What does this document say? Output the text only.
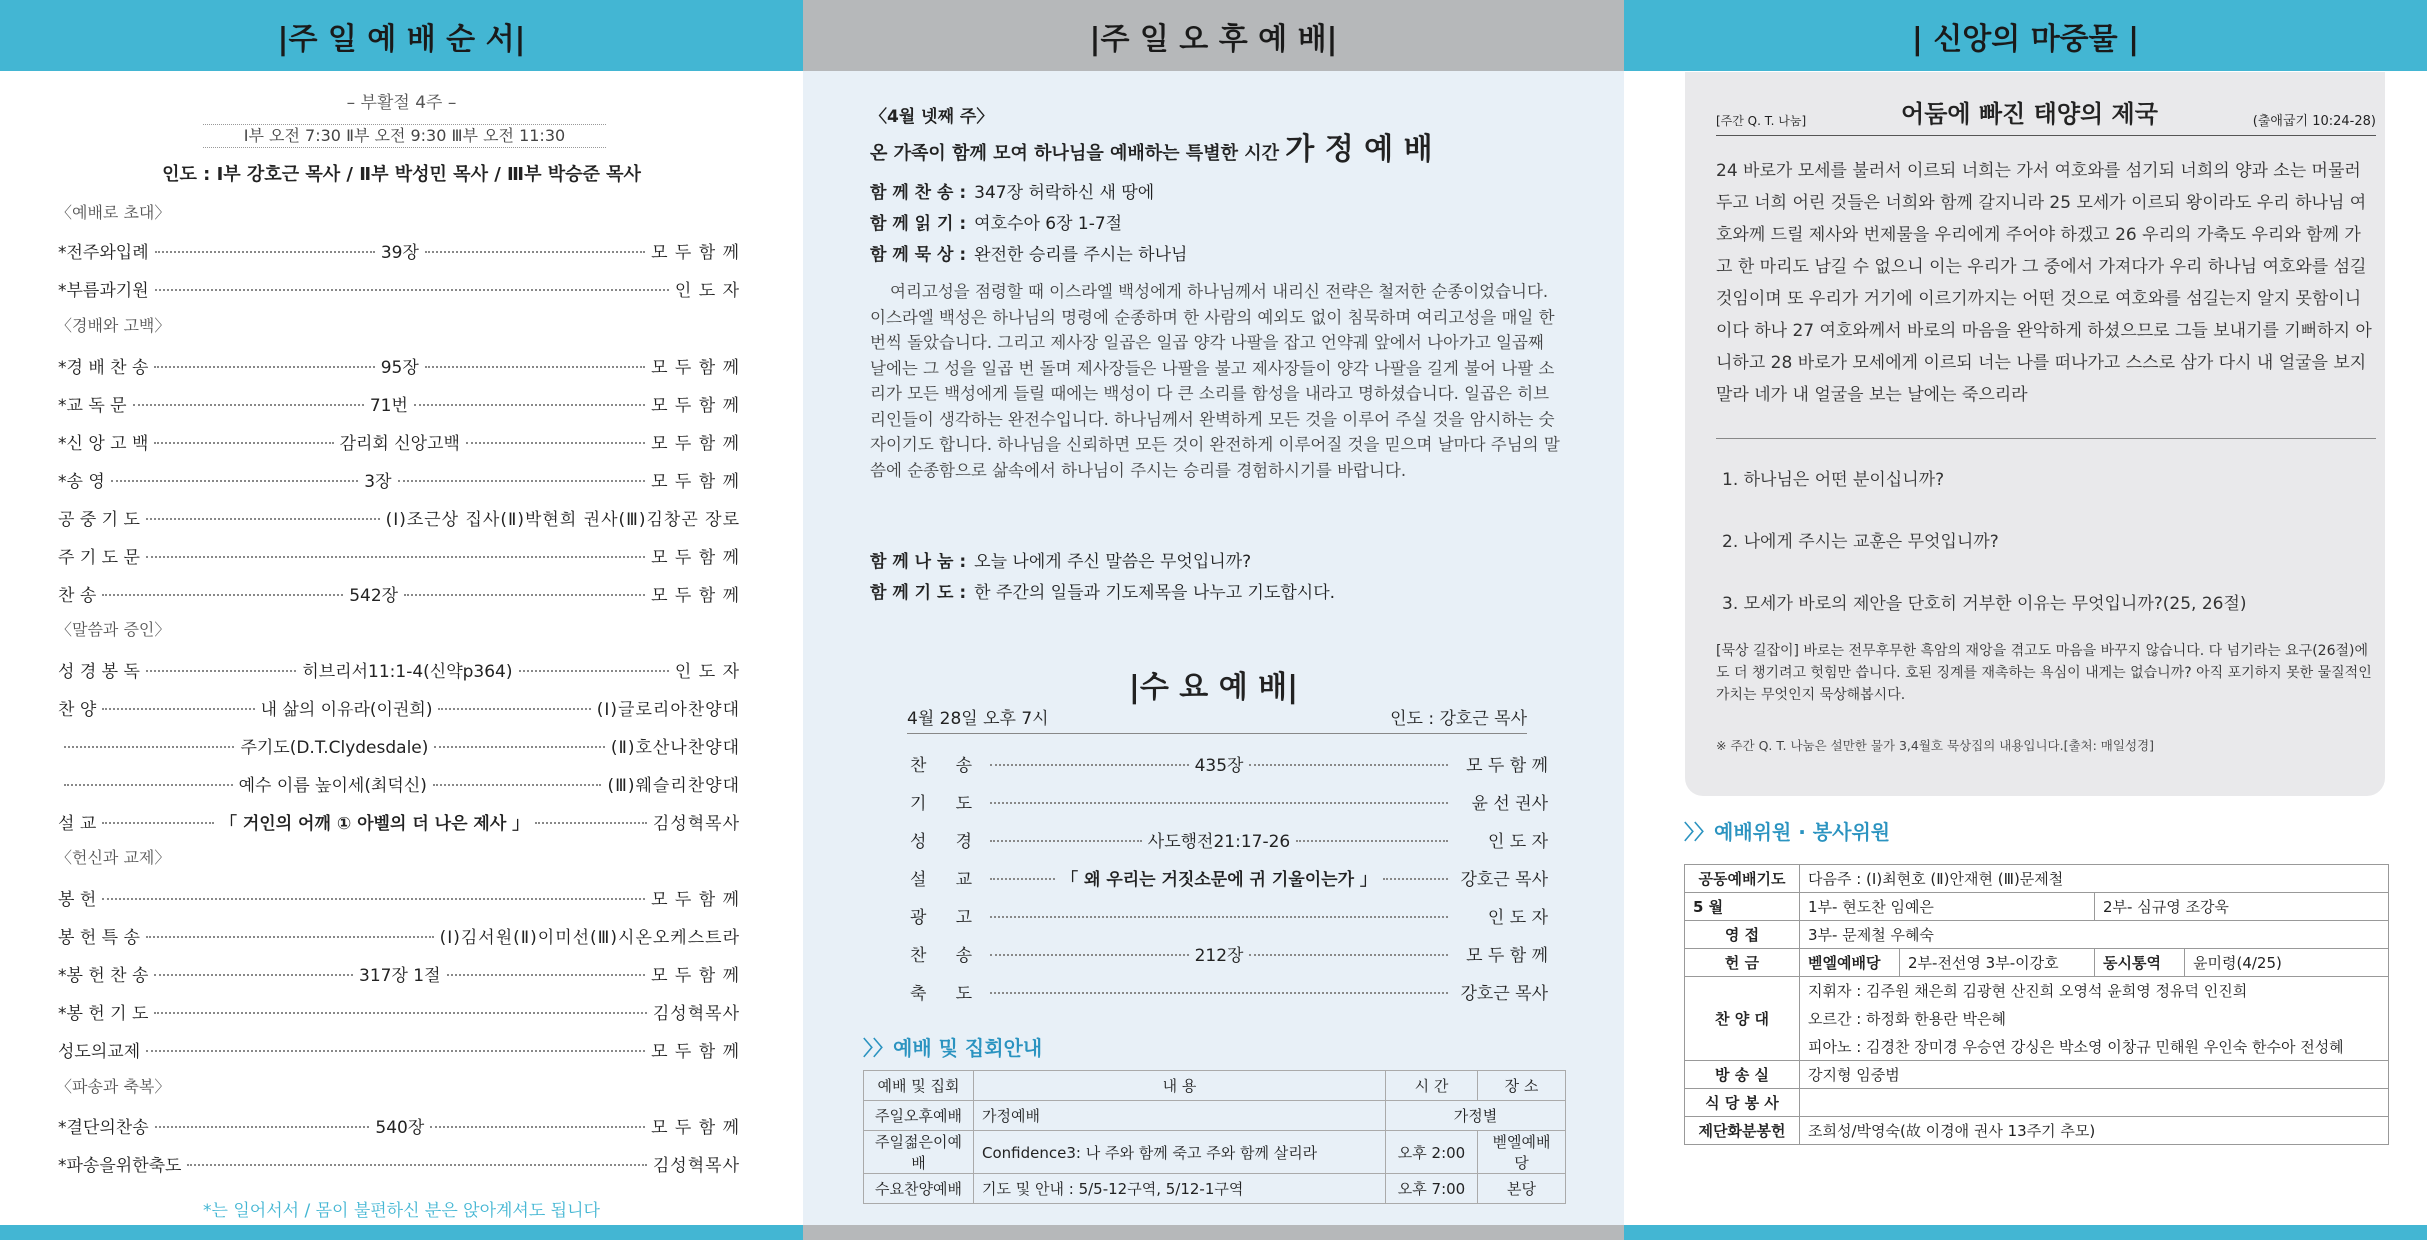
|주 일 예 배 순 서|
– 부활절 4주 –
Ⅰ부 오전 7:30 Ⅱ부 오전 9:30 Ⅲ부 오전 11:30
인도 : Ⅰ부 강호근 목사 / Ⅱ부 박성민 목사 / Ⅲ부 박승준 목사
〈예배로 초대〉
*전주와입례	39장	모 두 함 께
*부름과기원	인 도 자
〈경배와 고백〉
*경 배 찬 송	95장	모 두 함 께
*교 독 문	71번	모 두 함 께
*신 앙 고 백	감리회 신앙고백	모 두 함 께
*송 영	3장	모 두 함 께
공 중 기 도	(Ⅰ)조근상 집사(Ⅱ)박현희 권사(Ⅲ)김창곤 장로
주 기 도 문	모 두 함 께
찬 송	542장	모 두 함 께
〈말씀과 증인〉
성 경 봉 독	히브리서11:1-4(신약p364)	인 도 자
찬 양	내 삶의 이유라(이권희)	(Ⅰ)글로리아찬양대
주기도(D.T.Clydesdale)	(Ⅱ)호산나찬양대
예수 이름 높이세(최덕신)	(Ⅲ)웨슬리찬양대
설 교	「 거인의 어깨 ① 아벨의 더 나은 제사 」	김성혁목사
〈헌신과 교제〉
봉 헌	모 두 함 께
봉 헌 특 송	(Ⅰ)김서원(Ⅱ)이미선(Ⅲ)시온오케스트라
*봉 헌 찬 송	317장 1절	모 두 함 께
*봉 헌 기 도	김성혁목사
성도의교제	모 두 함 께
〈파송과 축복〉
*결단의찬송	540장	모 두 함 께
*파송을위한축도	김성혁목사
*는 일어서서 / 몸이 불편하신 분은 앉아계셔도 됩니다
|주 일 오 후 예 배|
〈4월 넷째 주〉
온 가족이 함께 모여 하나님을 예배하는 특별한 시간 가 정 예 배
함 께 찬 송 : 347장 허락하신 새 땅에
함 께 읽 기 : 여호수아 6장 1-7절
함 께 묵 상 : 완전한 승리를 주시는 하나님
여리고성을 점령할 때 이스라엘 백성에게 하나님께서 내리신 전략은 철저한 순종이었습니다. 이스라엘 백성은 하나님의 명령에 순종하며 한 사람의 예외도 없이 침묵하며 여리고성을 매일 한 번씩 돌았습니다. 그리고 제사장 일곱은 일곱 양각 나팔을 잡고 언약궤 앞에서 나아가고 일곱째 날에는 그 성을 일곱 번 돌며 제사장들은 나팔을 불고 제사장들이 양각 나팔을 길게 불어 나팔 소리가 모든 백성에게 들릴 때에는 백성이 다 큰 소리를 함성을 내라고 명하셨습니다. 일곱은 히브리인들이 생각하는 완전수입니다. 하나님께서 완벽하게 모든 것을 이루어 주실 것을 암시하는 숫자이기도 합니다. 하나님을 신뢰하면 모든 것이 완전하게 이루어질 것을 믿으며 날마다 주님의 말씀에 순종함으로 삶속에서 하나님이 주시는 승리를 경험하시기를 바랍니다.
함 께 나 눔 : 오늘 나에게 주신 말씀은 무엇입니까?
함 께 기 도 : 한 주간의 일들과 기도제목을 나누고 기도합시다.
|수 요 예 배|
4월 28일 오후 7시	인도 : 강호근 목사
찬 송	435장	모 두 함 께
기 도	윤 선 권사
성 경	사도행전21:17-26	인 도 자
설 교	「 왜 우리는 거짓소문에 귀 기울이는가 」	강호근 목사
광 고	인 도 자
찬 송	212장	모 두 함 께
축 도	강호근 목사
〉〉예배 및 집회안내
예배 및 집회	내 용	시 간	장 소
주일오후예배	가정예배	가정별	
주일젊은이예배	Confidence3: 나 주와 함께 죽고 주와 함께 살리라	오후 2:00	벧엘예배당
수요찬양예배	기도 및 안내 : 5/5-12구역, 5/12-1구역	오후 7:00	본당
| 신앙의 마중물 |
[주간 Q. T. 나눔]	어둠에 빠진 태양의 제국	(출애굽기 10:24-28)
24 바로가 모세를 불러서 이르되 너희는 가서 여호와를 섬기되 너희의 양과 소는 머물러 두고 너희 어린 것들은 너희와 함께 갈지니라 25 모세가 이르되 왕이라도 우리 하나님 여호와께 드릴 제사와 번제물을 우리에게 주어야 하겠고 26 우리의 가축도 우리와 함께 가고 한 마리도 남길 수 없으니 이는 우리가 그 중에서 가져다가 우리 하나님 여호와를 섬길 것임이며 또 우리가 거기에 이르기까지는 어떤 것으로 여호와를 섬길는지 알지 못함이니이다 하나 27 여호와께서 바로의 마음을 완악하게 하셨으므로 그들 보내기를 기뻐하지 아니하고 28 바로가 모세에게 이르되 너는 나를 떠나가고 스스로 삼가 다시 내 얼굴을 보지 말라 네가 내 얼굴을 보는 날에는 죽으리라
1. 하나님은 어떤 분이십니까?
2. 나에게 주시는 교훈은 무엇입니까?
3. 모세가 바로의 제안을 단호히 거부한 이유는 무엇입니까?(25, 26절)
[묵상 길잡이] 바로는 전무후무한 흑암의 재앙을 겪고도 마음을 바꾸지 않습니다. 다 넘기라는 요구(26절)에도 더 챙기려고 헛힘만 씁니다. 호된 징계를 재촉하는 욕심이 내게는 없습니까? 아직 포기하지 못한 물질적인 가치는 무엇인지 묵상해봅시다.
※ 주간 Q. T. 나눔은 설만한 물가 3,4월호 묵상집의 내용입니다.[출처: 매일성경]
〉〉예배위원 · 봉사위원
공동예배기도	다음주 : (Ⅰ)최현호 (Ⅱ)안재현 (Ⅲ)문제철			
5 월	1부- 현도찬 임예은		2부- 심규영 조강욱	
영 접	3부- 문제철 우혜숙			
헌 금	벧엘예배당	2부-전선영 3부-이강호	동시통역	윤미령(4/25)
찬 양 대	지휘자 : 김주원 채은희 김광현 산진희 오영석 윤희영 정유덕 인진희			
	오르간 : 하정화 한용란 박은혜			
	피아노 : 김경찬 장미경 우승연 강싱은 박소영 이창규 민해원 우인숙 한수아 전성혜			
방 송 실	강지형 임중범			
식 당 봉 사				
제단화분봉헌	조희성/박영숙(故 이경애 권사 13주기 추모)			
